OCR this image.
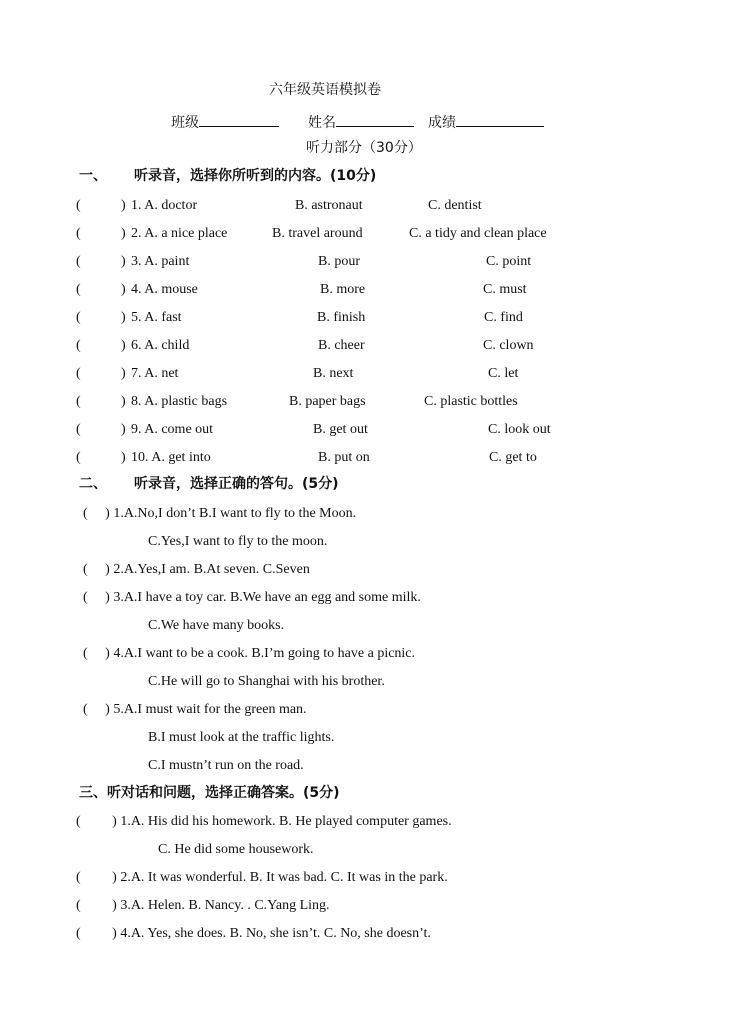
六年级英语模拟卷
班级	姓名	成绩
听力部分（30分）
一、 听录音，选择你所听到的内容。(10分)
(	) 1. A. doctor	B. astronaut	C. dentist
(	) 2. A. a nice place	B. travel around	C. a tidy and clean place
(	) 3. A. paint	B. pour	C. point
(	) 4. A. mouse	B. more	C. must
(	) 5. A. fast	B. finish	C. find
(	) 6. A. child	B. cheer	C. clown
(	) 7. A. net	B. next	C. let
(	) 8. A. plastic bags	B. paper bags	C. plastic bottles
(	) 9. A. come out	B. get out	C. look out
(	) 10. A. get into	B. put on	C. get to
二、 听录音，选择正确的答句。(5分)
(　 ) 1.A.No,I don’t B.I want to fly to the Moon.
C.Yes,I want to fly to the moon.
(　 ) 2.A.Yes,I am. B.At seven. C.Seven
(　 ) 3.A.I have a toy car. B.We have an egg and some milk.
C.We have many books.
(　 ) 4.A.I want to be a cook. B.I’m going to have a picnic.
C.He will go to Shanghai with his brother.
(　 ) 5.A.I must wait for the green man.
B.I must look at the traffic lights.
C.I mustn’t run on the road.
三、听对话和问题，选择正确答案。(5分)
(　　 ) 1.A. His did his homework. B. He played computer games.
C. He did some housework.
(　　 ) 2.A. It was wonderful. B. It was bad. C. It was in the park.
(　　 ) 3.A. Helen. B. Nancy. . C.Yang Ling.
(　　 ) 4.A. Yes, she does. B. No, she isn’t. C. No, she doesn’t.
